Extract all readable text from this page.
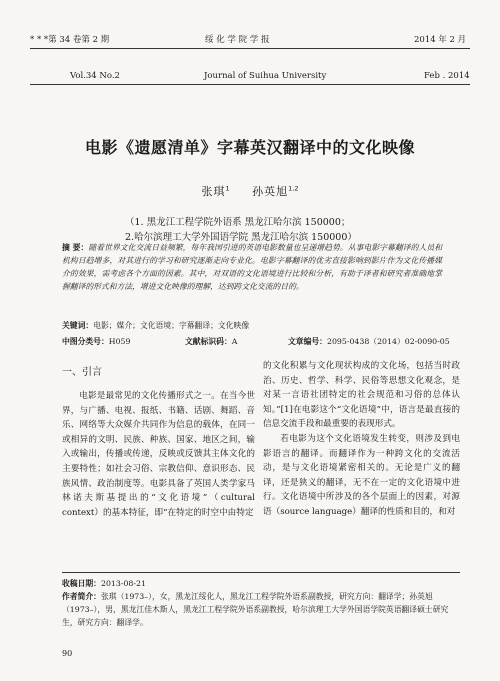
* * *第 34 卷第 2 期	绥 化 学 院 学 报	2014 年 2 月
Vol.34 No.2	Journal of Suihua University	Feb . 2014
电影《遗愿清单》字幕英汉翻译中的文化映像
张琪$^1$ 孙英旭$^{1,2}$
（1. 黑龙江工程学院外语系 黑龙江哈尔滨 150000；
2.哈尔滨理工大学外国语学院 黑龙江哈尔滨 150000）
摘 要：随着世界文化交流日益频繁，每年我国引进的英语电影数量也呈递增趋势。从事电影字幕翻译的人员和机构日趋增多，对其进行的学习和研究逐渐走向专业化。电影字幕翻译的优劣直接影响到影片作为文化传播媒介的效果，需考虑各个方面的因素。其中，对双语的文化语境进行比较和分析，有助于译者和研究者准确地掌握翻译的形式和方法，增进文化映像的理解，达到跨文化交流的目的。
关键词：电影；媒介；文化语境；字幕翻译；文化映像
中图分类号：H059	文献标识码：A	文章编号：2095-0438（2014）02-0090-05
一、引言

电影是最常见的文化传播形式之一。在当今世界，与广播、电视、报纸、书籍、话剧、舞蹈、音乐、网络等大众媒介共同作为信息的载体，在同一或相异的文明、民族、种族、国家、地区之间，输入或输出，传播或传递，反映或反馈其主体文化的主要特性；如社会习俗、宗教信仰、意识形态、民族风情、政治制度等。电影具备了英国人类学家马林诺夫斯基提出的“文化语境”（cultural context）的基本特征，即“在特定的时空中由特定

的文化积累与文化现状构成的文化场，包括当时政治、历史、哲学、科学、民俗等思想文化观念，是对某一言语社团特定的社会规范和习俗的总体认知。”[1]在电影这个“文化语境”中，语言是最直接的信息交流手段和最重要的表现形式。

若电影为这个文化语境发生转变，则涉及到电影语言的翻译。而翻译作为一种跨文化的交流活动，是与文化语境紧密相关的。无论是广义的翻译，还是狭义的翻译，无不在一定的文化语境中进行。文化语境中所涉及的各个层面上的因素，对源语（source language）翻译的性质和目的，和对

收稿日期：2013-08-21
作者简介：张琪（1973–），女，黑龙江绥化人，黑龙江工程学院外语系副教授，研究方向：翻译学；孙英旭（1973–），男，黑龙江佳木斯人，黑龙江工程学院外语系副教授，哈尔滨理工大学外国语学院英语翻译硕士研究生，研究方向：翻译学。
90
